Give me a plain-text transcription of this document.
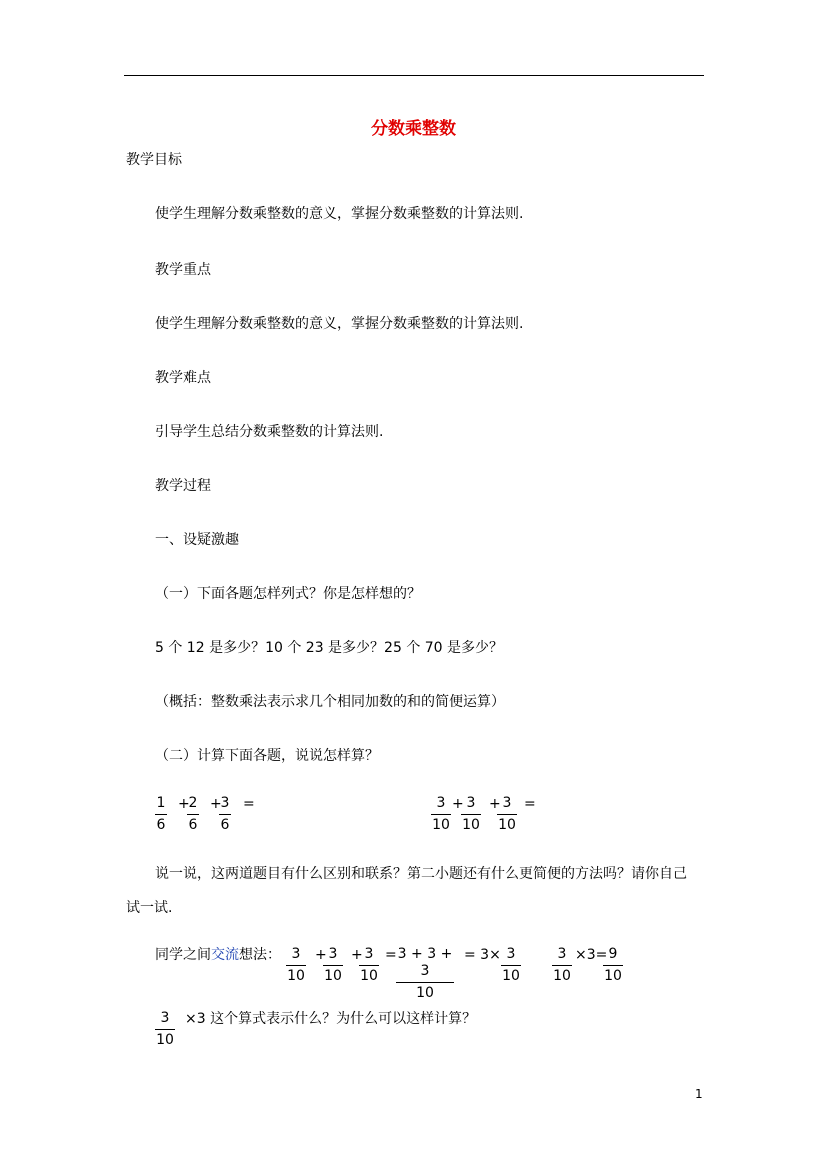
分数乘整数
教学目标
使学生理解分数乘整数的意义，掌握分数乘整数的计算法则.
教学重点
使学生理解分数乘整数的意义，掌握分数乘整数的计算法则.
教学难点
引导学生总结分数乘整数的计算法则.
教学过程
一、设疑激趣
（一）下面各题怎样列式？你是怎样想的？
5 个 12 是多少？10 个 23 是多少？25 个 70 是多少？
（概括：整数乘法表示求几个相同加数的和的简便运算）
（二）计算下面各题，说说怎样算？
1
6
+
2
6
+
3
6
=	3
10
+ 3
10
+ 3
10
=
说一说，这两道题目有什么区别和联系？第二小题还有什么更简便的方法吗？请你自己
试一试.
同学之间交流想法： 3
10
+ 3
10
+ 3
10
= 3 + 3 + 3
10
= 3× 3
10
3
10
×3= 9
10
3
10
×3 这个算式表示什么？为什么可以这样计算？
1
